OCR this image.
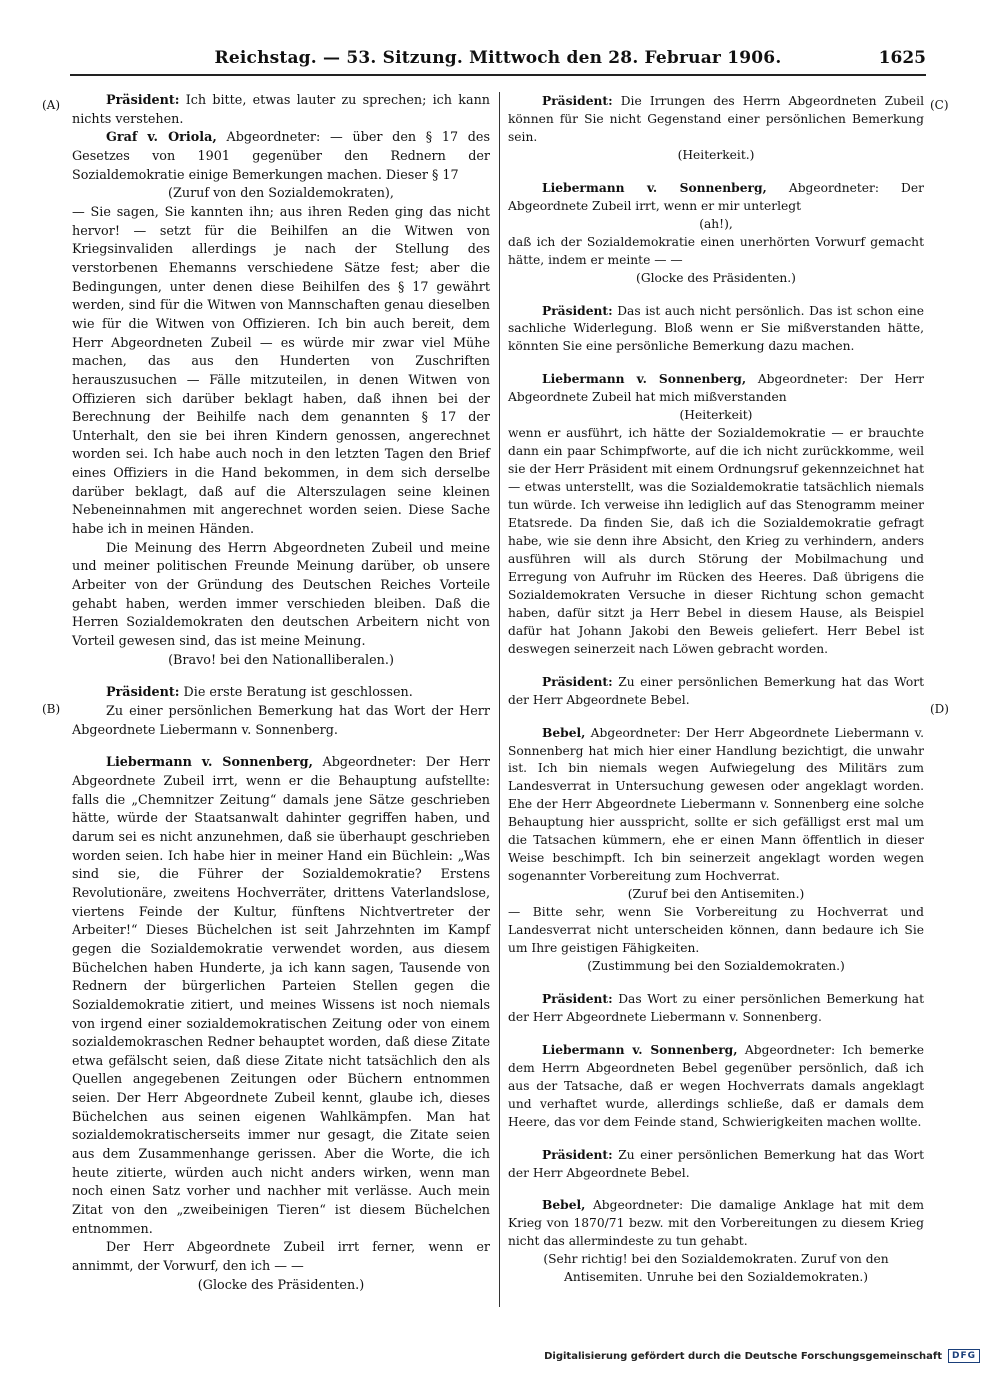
Reichstag. — 53. Sitzung. Mittwoch den 28. Februar 1906.	1625
(A)
(B)
(C)
(D)

Präsident: Ich bitte, etwas lauter zu sprechen; ich kann nichts verstehen.

Graf v. Oriola, Abgeordneter: — über den § 17 des Gesetzes von 1901 gegenüber den Rednern der Sozialdemokratie einige Bemerkungen machen. Dieser § 17

(Zuruf von den Sozialdemokraten),

— Sie sagen, Sie kannten ihn; aus ihren Reden ging das nicht hervor! — setzt für die Beihilfen an die Witwen von Kriegsinvaliden allerdings je nach der Stellung des verstorbenen Ehemanns verschiedene Sätze fest; aber die Bedingungen, unter denen diese Beihilfen des § 17 gewährt werden, sind für die Witwen von Mannschaften genau dieselben wie für die Witwen von Offizieren. Ich bin auch bereit, dem Herr Abgeordneten Zubeil — es würde mir zwar viel Mühe machen, das aus den Hunderten von Zuschriften herauszusuchen — Fälle mitzuteilen, in denen Witwen von Offizieren sich darüber beklagt haben, daß ihnen bei der Berechnung der Beihilfe nach dem genannten § 17 der Unterhalt, den sie bei ihren Kindern genossen, angerechnet worden sei. Ich habe auch noch in den letzten Tagen den Brief eines Offiziers in die Hand bekommen, in dem sich derselbe darüber beklagt, daß auf die Alterszulagen seine kleinen Nebeneinnahmen mit angerechnet worden seien. Diese Sache habe ich in meinen Händen.

Die Meinung des Herrn Abgeordneten Zubeil und meine und meiner politischen Freunde Meinung darüber, ob unsere Arbeiter von der Gründung des Deutschen Reiches Vorteile gehabt haben, werden immer verschieden bleiben. Daß die Herren Sozialdemokraten den deutschen Arbeitern nicht von Vorteil gewesen sind, das ist meine Meinung.

(Bravo! bei den Nationalliberalen.)

Präsident: Die erste Beratung ist geschlossen.

Zu einer persönlichen Bemerkung hat das Wort der Herr Abgeordnete Liebermann v. Sonnenberg.

Liebermann v. Sonnenberg, Abgeordneter: Der Herr Abgeordnete Zubeil irrt, wenn er die Behauptung aufstellte: falls die „Chemnitzer Zeitung“ damals jene Sätze geschrieben hätte, würde der Staatsanwalt dahinter gegriffen haben, und darum sei es nicht anzunehmen, daß sie überhaupt geschrieben worden seien. Ich habe hier in meiner Hand ein Büchlein: „Was sind sie, die Führer der Sozialdemokratie? Erstens Revolutionäre, zweitens Hochverräter, drittens Vaterlandslose, viertens Feinde der Kultur, fünftens Nichtvertreter der Arbeiter!“ Dieses Büchelchen ist seit Jahrzehnten im Kampf gegen die Sozialdemokratie verwendet worden, aus diesem Büchelchen haben Hunderte, ja ich kann sagen, Tausende von Rednern der bürgerlichen Parteien Stellen gegen die Sozialdemokratie zitiert, und meines Wissens ist noch niemals von irgend einer sozialdemokratischen Zeitung oder von einem sozialdemokraschen Redner behauptet worden, daß diese Zitate etwa gefälscht seien, daß diese Zitate nicht tatsächlich den als Quellen angegebenen Zeitungen oder Büchern entnommen seien. Der Herr Abgeordnete Zubeil kennt, glaube ich, dieses Büchelchen aus seinen eigenen Wahlkämpfen. Man hat sozialdemokratischerseits immer nur gesagt, die Zitate seien aus dem Zusammenhange gerissen. Aber die Worte, die ich heute zitierte, würden auch nicht anders wirken, wenn man noch einen Satz vorher und nachher mit verlässe. Auch mein Zitat von den „zweibeinigen Tieren“ ist diesem Büchelchen entnommen.

Der Herr Abgeordnete Zubeil irrt ferner, wenn er annimmt, der Vorwurf, den ich — —

(Glocke des Präsidenten.)

Präsident: Die Irrungen des Herrn Abgeordneten Zubeil können für Sie nicht Gegenstand einer persönlichen Bemerkung sein.

(Heiterkeit.)

Liebermann v. Sonnenberg, Abgeordneter: Der Abgeordnete Zubeil irrt, wenn er mir unterlegt

(ah!),

daß ich der Sozialdemokratie einen unerhörten Vorwurf gemacht hätte, indem er meinte — —

(Glocke des Präsidenten.)

Präsident: Das ist auch nicht persönlich. Das ist schon eine sachliche Widerlegung. Bloß wenn er Sie mißverstanden hätte, könnten Sie eine persönliche Bemerkung dazu machen.

Liebermann v. Sonnenberg, Abgeordneter: Der Herr Abgeordnete Zubeil hat mich mißverstanden

(Heiterkeit)

wenn er ausführt, ich hätte der Sozialdemokratie — er brauchte dann ein paar Schimpfworte, auf die ich nicht zurückkomme, weil sie der Herr Präsident mit einem Ordnungsruf gekennzeichnet hat — etwas unterstellt, was die Sozialdemokratie tatsächlich niemals tun würde. Ich verweise ihn lediglich auf das Stenogramm meiner Etatsrede. Da finden Sie, daß ich die Sozialdemokratie gefragt habe, wie sie denn ihre Absicht, den Krieg zu verhindern, anders ausführen will als durch Störung der Mobilmachung und Erregung von Aufruhr im Rücken des Heeres. Daß übrigens die Sozialdemokraten Versuche in dieser Richtung schon gemacht haben, dafür sitzt ja Herr Bebel in diesem Hause, als Beispiel dafür hat Johann Jakobi den Beweis geliefert. Herr Bebel ist deswegen seinerzeit nach Löwen gebracht worden.

Präsident: Zu einer persönlichen Bemerkung hat das Wort der Herr Abgeordnete Bebel.

Bebel, Abgeordneter: Der Herr Abgeordnete Liebermann v. Sonnenberg hat mich hier einer Handlung bezichtigt, die unwahr ist. Ich bin niemals wegen Aufwiegelung des Militärs zum Landesverrat in Untersuchung gewesen oder angeklagt worden. Ehe der Herr Abgeordnete Liebermann v. Sonnenberg eine solche Behauptung hier ausspricht, sollte er sich gefälligst erst mal um die Tatsachen kümmern, ehe er einen Mann öffentlich in dieser Weise beschimpft. Ich bin seinerzeit angeklagt worden wegen sogenannter Vorbereitung zum Hochverrat.

(Zuruf bei den Antisemiten.)

— Bitte sehr, wenn Sie Vorbereitung zu Hochverrat und Landesverrat nicht unterscheiden können, dann bedaure ich Sie um Ihre geistigen Fähigkeiten.

(Zustimmung bei den Sozialdemokraten.)

Präsident: Das Wort zu einer persönlichen Bemerkung hat der Herr Abgeordnete Liebermann v. Sonnenberg.

Liebermann v. Sonnenberg, Abgeordneter: Ich bemerke dem Herrn Abgeordneten Bebel gegenüber persönlich, daß ich aus der Tatsache, daß er wegen Hochverrats damals angeklagt und verhaftet wurde, allerdings schließe, daß er damals dem Heere, das vor dem Feinde stand, Schwierigkeiten machen wollte.

Präsident: Zu einer persönlichen Bemerkung hat das Wort der Herr Abgeordnete Bebel.

Bebel, Abgeordneter: Die damalige Anklage hat mit dem Krieg von 1870/71 bezw. mit den Vorbereitungen zu diesem Krieg nicht das allermindeste zu tun gehabt.

(Sehr richtig! bei den Sozialdemokraten. Zuruf von den Antisemiten. Unruhe bei den Sozialdemokraten.)

Digitalisierung gefördert durch die Deutsche Forschungsgemeinschaft	DFG
